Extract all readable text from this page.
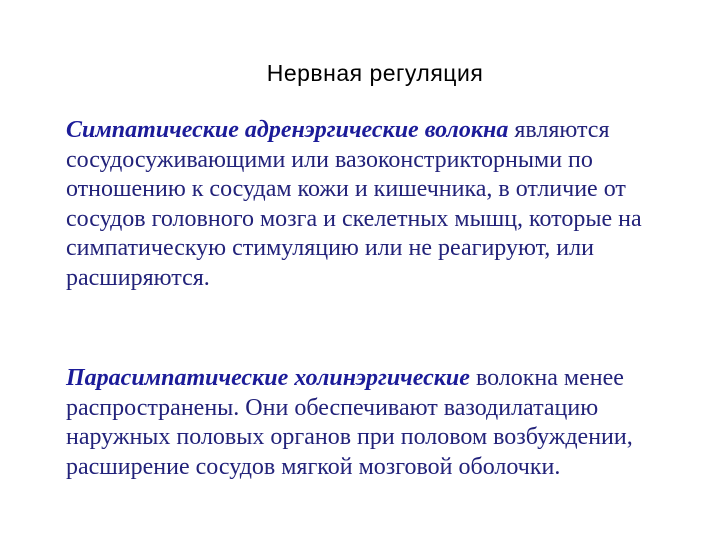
Нервная регуляция
Симпатические адренэргические волокна являются сосудосуживающими или вазоконстрикторными по отношению к сосудам кожи и кишечника, в отличие от сосудов головного мозга и скелетных мышц, которые на симпатическую стимуляцию или не реагируют, или расширяются.
Парасимпатические холинэргические волокна менее распространены. Они обеспечивают вазодилатацию наружных половых органов при половом возбуждении, расширение сосудов мягкой мозговой оболочки.
